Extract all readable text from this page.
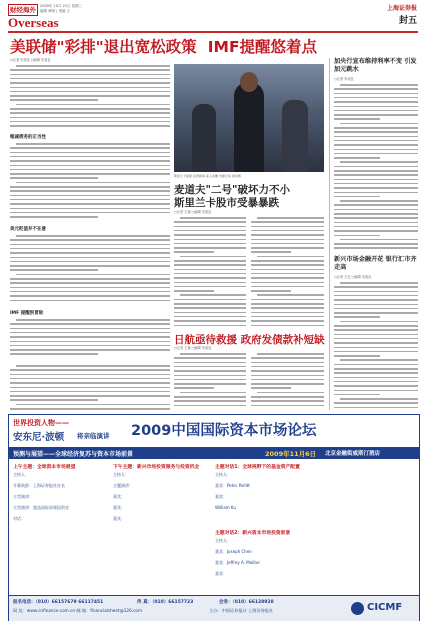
财经海外	2009年 10月 21日 星期三
编辑 黄明 | 美编 王
Overseas
上海证券报
封五
美联储"彩排"退出宽松政策 IMF提醒悠着点
○记者 朱周良 ○编辑 朱周良
缩减债务的正当性
美元贬值并不在意
IMF 提醒别冒险
斯里兰卡富商 拉惹勒南 等人涉嫌 内幕交易 资料图
麦道夫"二号"破坏力不小
斯里兰卡股市受暴暴跌
○记者 王斌 ○编辑 朱周良
日航亟待救援 政府发债款补短缺
○记者 王斌 ○编辑 朱周良
加央行宣布维持利率不变 引发加元跳水
○记者 朱周良
新兴市场金融开花 银行汇市齐走高
○记者 王宏 ○编辑 朱周良
世界投资人物——
安东尼·波顿 将亲临演讲 2009中国国际资本市场论坛
预测与展望——全球经济复苏与资本市场前景	2009年11月6日 北京金融街威斯汀酒店
上午主题：全球资本市场展望
主持人：
开幕致辞：上海证券报社社长
主旨演讲：
主旨演讲：富达国际首席投资官
对话：
下午主题：新兴市场投资服务与投资机会
主持人：
主题演讲：
嘉宾：
嘉宾：
嘉宾：
主题对话1：全球视野下的基金资产配置
主持人：
嘉宾：Peter Pollitt
嘉宾：
William Ku
主题对话2：新兴资本市场投资前景
主持人：
嘉宾：Joseph Chen
嘉宾：Jeffrey A. Molitor
嘉宾：
报名电话：（010）66157679 66117451	传 真：（010）66157723	会务：（010）66128928
网 址：www.cnfinance.com.cn 邮 箱：financialsheet@126.com	主办：中国证券报社 上海证券报社	CICMF
